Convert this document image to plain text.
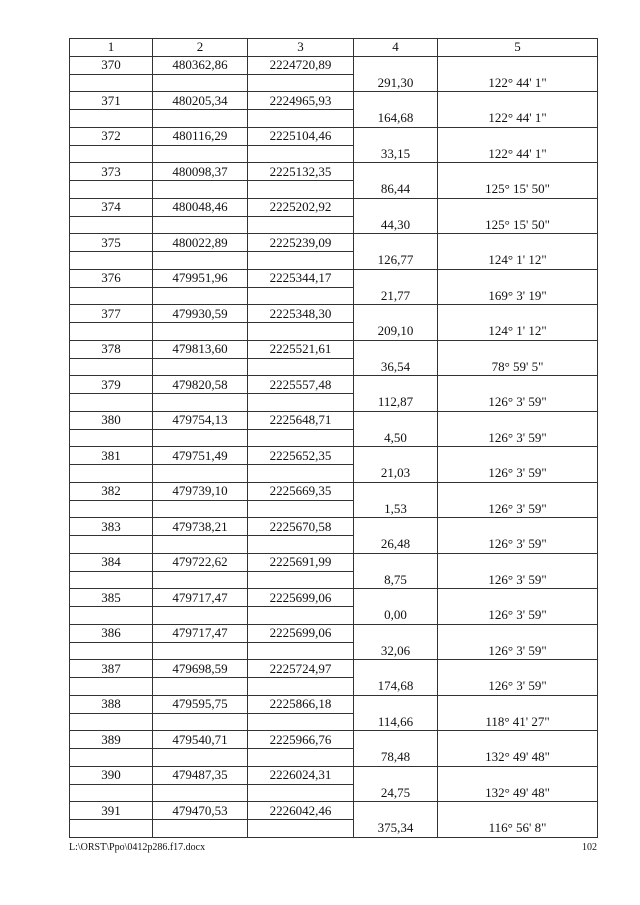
1	2	3	4	5
370	480362,86	2224720,89		
			291,30	122° 44' 1"
371	480205,34	2224965,93		
			164,68	122° 44' 1"
372	480116,29	2225104,46		
			33,15	122° 44' 1"
373	480098,37	2225132,35		
			86,44	125° 15' 50"
374	480048,46	2225202,92		
			44,30	125° 15' 50"
375	480022,89	2225239,09		
			126,77	124° 1' 12"
376	479951,96	2225344,17		
			21,77	169° 3' 19"
377	479930,59	2225348,30		
			209,10	124° 1' 12"
378	479813,60	2225521,61		
			36,54	78° 59' 5"
379	479820,58	2225557,48		
			112,87	126° 3' 59"
380	479754,13	2225648,71		
			4,50	126° 3' 59"
381	479751,49	2225652,35		
			21,03	126° 3' 59"
382	479739,10	2225669,35		
			1,53	126° 3' 59"
383	479738,21	2225670,58		
			26,48	126° 3' 59"
384	479722,62	2225691,99		
			8,75	126° 3' 59"
385	479717,47	2225699,06		
			0,00	126° 3' 59"
386	479717,47	2225699,06		
			32,06	126° 3' 59"
387	479698,59	2225724,97		
			174,68	126° 3' 59"
388	479595,75	2225866,18		
			114,66	118° 41' 27"
389	479540,71	2225966,76		
			78,48	132° 49' 48"
390	479487,35	2226024,31		
			24,75	132° 49' 48"
391	479470,53	2226042,46		
			375,34	116° 56' 8"
L:\ORST\Ppo\0412p286.f17.docx	102
